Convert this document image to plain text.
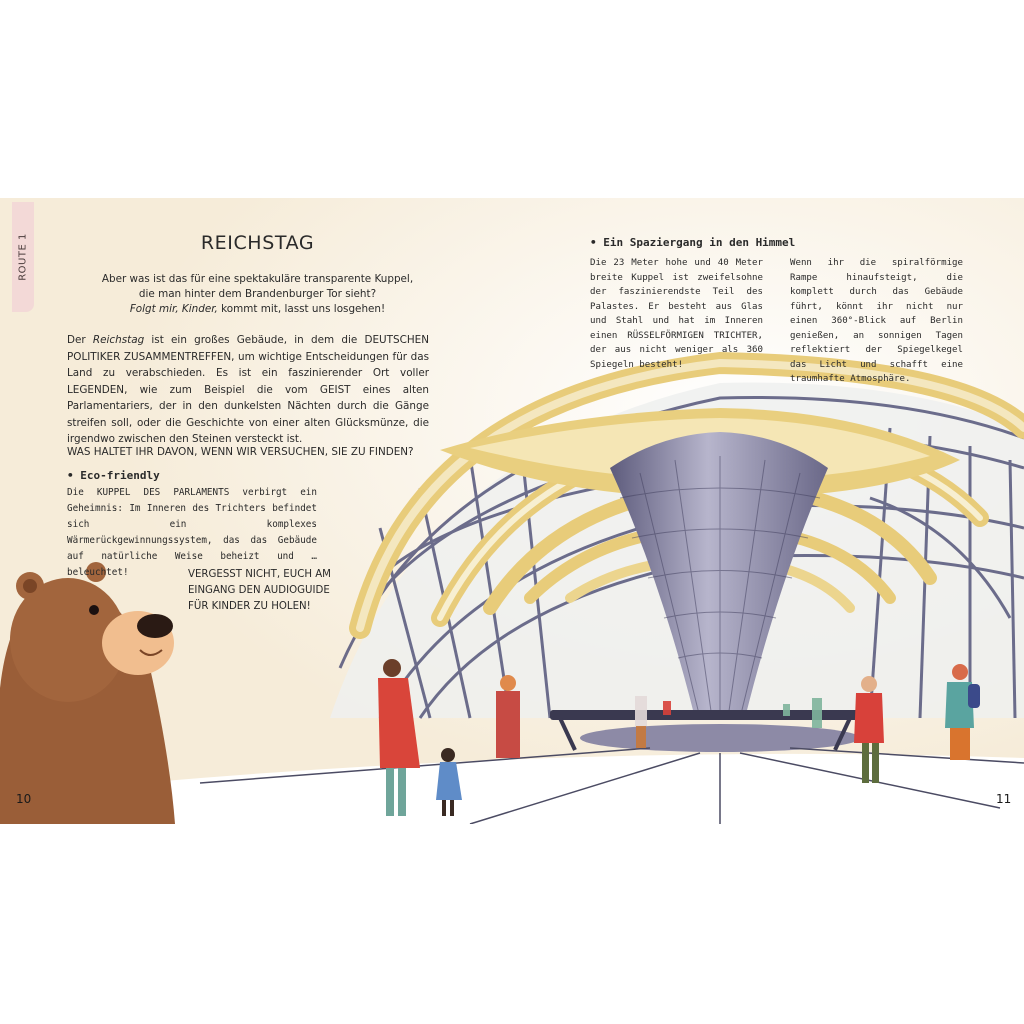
ROUTE 1	REICHSTAG
Aber was ist das für eine spektakuläre transparente Kuppel,
die man hinter dem Brandenburger Tor sieht?
Folgt mir, Kinder, kommt mit, lasst uns losgehen!
Der Reichstag ist ein großes Gebäude, in dem die DEUTSCHEN POLITIKER ZUSAMMENTREFFEN, um wichtige Entscheidungen für das Land zu verabschieden. Es ist ein faszinierender Ort voller LEGENDEN, wie zum Beispiel die vom GEIST eines alten Parlamentariers, der in den dunkelsten Nächten durch die Gänge streifen soll, oder die Geschichte von einer alten Glücksmünze, die irgendwo zwischen den Steinen versteckt ist.
WAS HALTET IHR DAVON, WENN WIR VERSUCHEN, SIE ZU FINDEN?
• Eco-friendly
Die KUPPEL DES PARLAMENTS verbirgt ein Geheimnis: Im Inneren des Trichters befindet sich ein komplexes Wärmerückgewinnungssystem, das das Gebäude auf natürliche Weise beheizt und … beleuchtet!	VERGESST NICHT, EUCH AM EINGANG DEN AUDIOGUIDE FÜR KINDER ZU HOLEN!
• Ein Spaziergang in den Himmel
Die 23 Meter hohe und 40 Meter breite Kuppel ist zweifelsohne der faszinierendste Teil des Palastes. Er besteht aus Glas und Stahl und hat im Inneren einen RÜSSELFÖRMIGEN TRICHTER, der aus nicht weniger als 360 Spiegeln besteht!
Wenn ihr die spiralförmige Rampe hinaufsteigt, die komplett durch das Gebäude führt, könnt ihr nicht nur einen 360°-Blick auf Berlin genießen, an sonnigen Tagen reflektiert der Spiegelkegel das Licht und schafft eine traumhafte Atmosphäre.
10	11
